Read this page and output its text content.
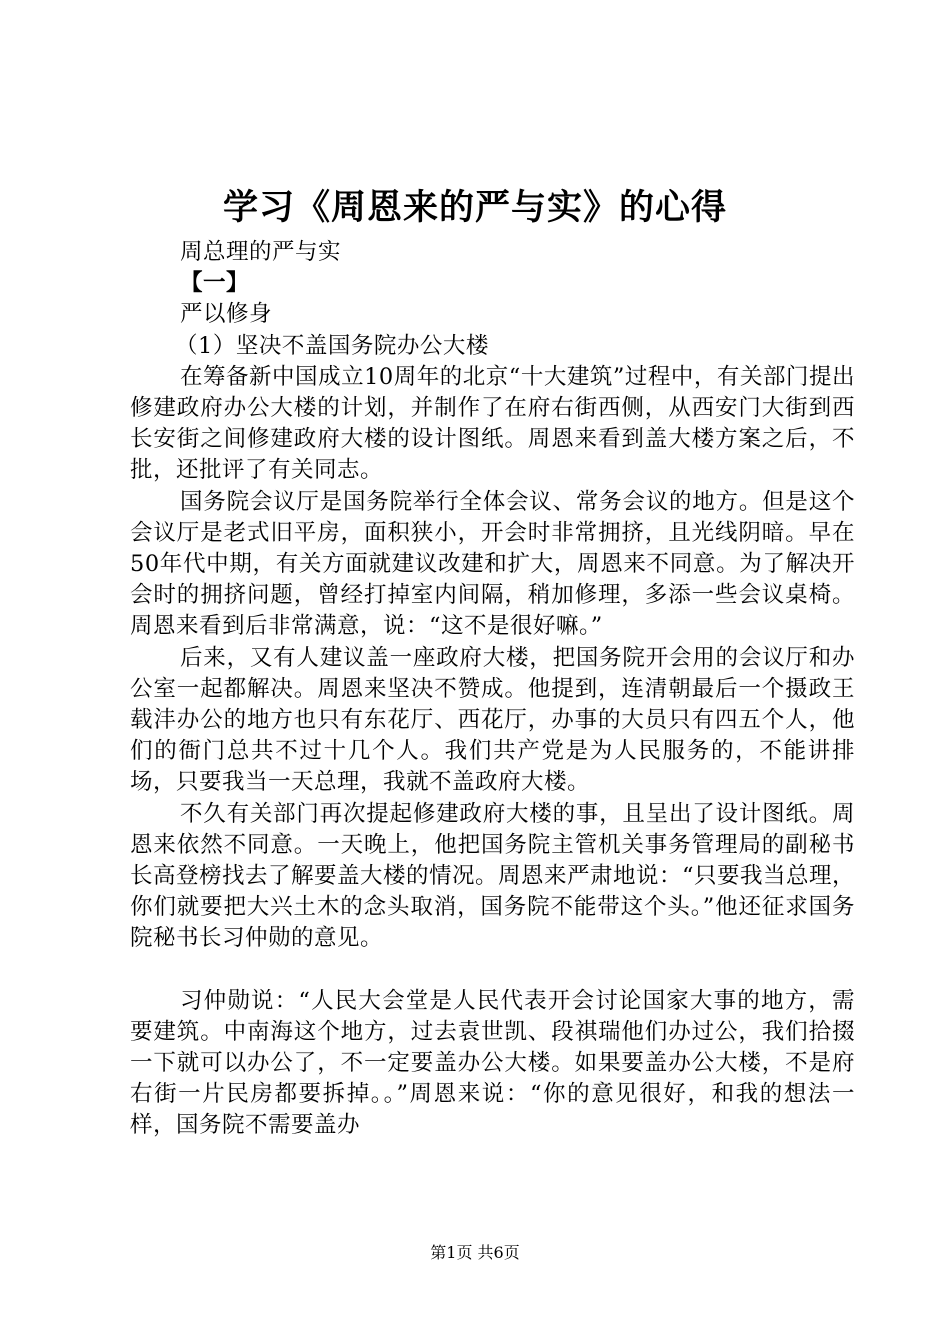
学习《周恩来的严与实》的心得

周总理的严与实

【一】

严以修身

（1）坚决不盖国务院办公大楼

在筹备新中国成立10周年的北京“十大建筑”过程中，有关部门提出修建政府办公大楼的计划，并制作了在府右街西侧，从西安门大街到西长安街之间修建政府大楼的设计图纸。周恩来看到盖大楼方案之后，不批，还批评了有关同志。

国务院会议厅是国务院举行全体会议、常务会议的地方。但是这个会议厅是老式旧平房，面积狭小，开会时非常拥挤，且光线阴暗。早在50年代中期，有关方面就建议改建和扩大，周恩来不同意。为了解决开会时的拥挤问题，曾经打掉室内间隔，稍加修理，多添一些会议桌椅。周恩来看到后非常满意，说：“这不是很好嘛。”

后来，又有人建议盖一座政府大楼，把国务院开会用的会议厅和办公室一起都解决。周恩来坚决不赞成。他提到，连清朝最后一个摄政王载沣办公的地方也只有东花厅、西花厅，办事的大员只有四五个人，他们的衙门总共不过十几个人。我们共产党是为人民服务的，不能讲排场，只要我当一天总理，我就不盖政府大楼。

不久有关部门再次提起修建政府大楼的事，且呈出了设计图纸。周恩来依然不同意。一天晚上，他把国务院主管机关事务管理局的副秘书长高登榜找去了解要盖大楼的情况。周恩来严肃地说：“只要我当总理，你们就要把大兴土木的念头取消，国务院不能带这个头。”他还征求国务院秘书长习仲勋的意见。

习仲勋说：“人民大会堂是人民代表开会讨论国家大事的地方，需要建筑。中南海这个地方，过去袁世凯、段祺瑞他们办过公，我们拾掇一下就可以办公了，不一定要盖办公大楼。如果要盖办公大楼，不是府右街一片民房都要拆掉。。”周恩来说：“你的意见很好，和我的想法一样，国务院不需要盖办

第1页 共6页
